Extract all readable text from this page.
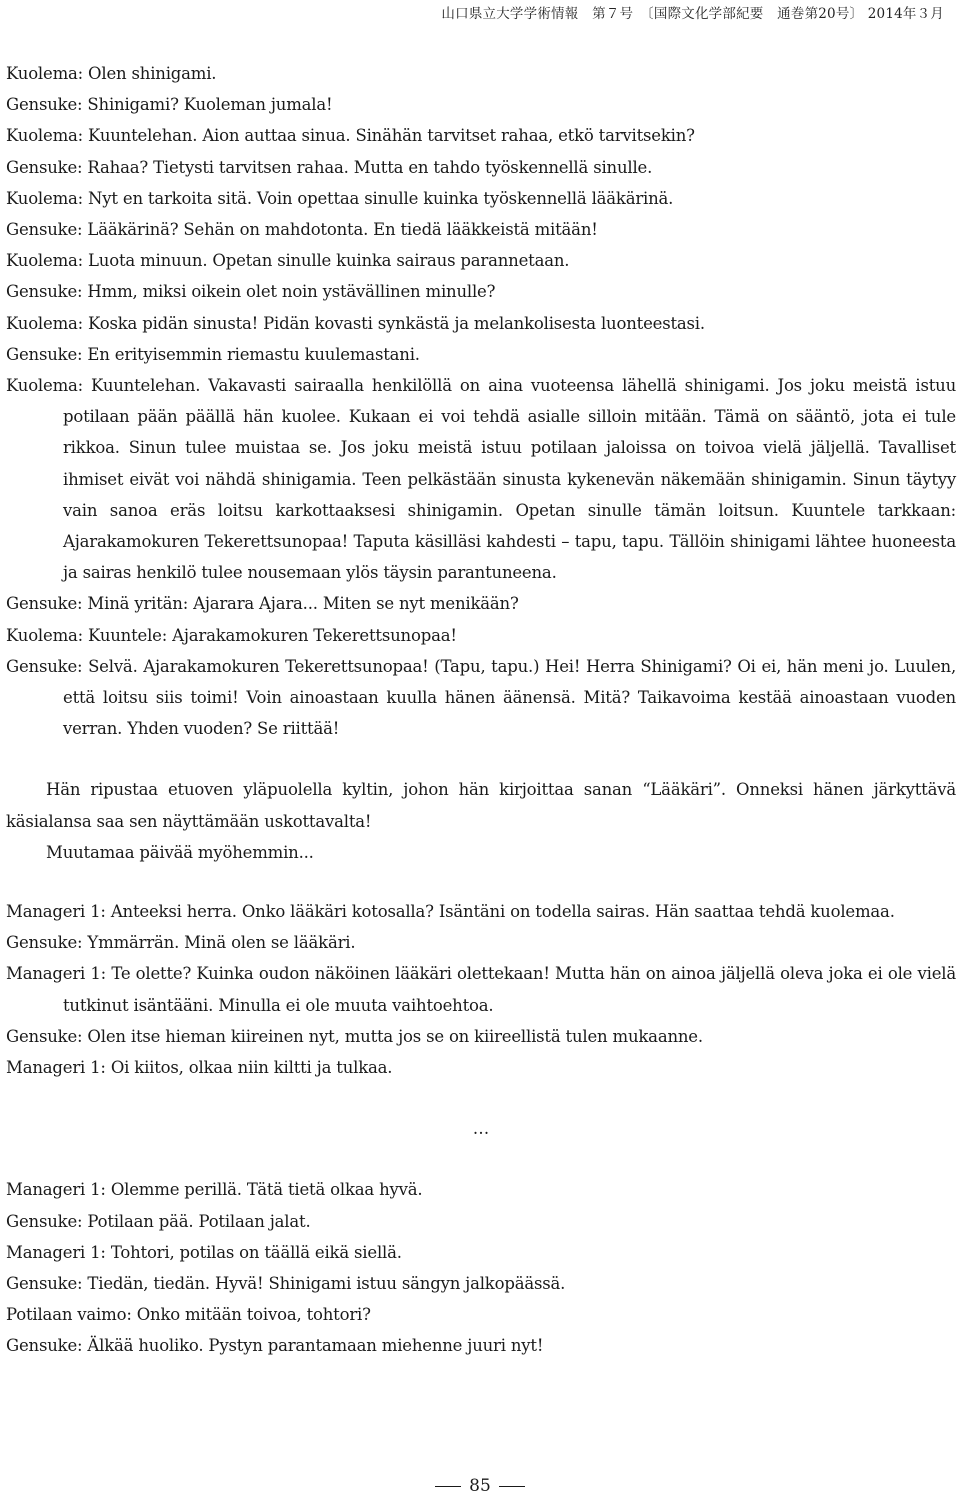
山口県立大学学術情報　第７号　〔国際文化学部紀要　通巻第20号〕 2014年３月
Kuolema: Olen shinigami.
Gensuke: Shinigami? Kuoleman jumala!
Kuolema: Kuuntelehan. Aion auttaa sinua. Sinähän tarvitset rahaa, etkö tarvitsekin?
Gensuke: Rahaa? Tietysti tarvitsen rahaa. Mutta en tahdo työskennellä sinulle.
Kuolema: Nyt en tarkoita sitä. Voin opettaa sinulle kuinka työskennellä lääkärinä.
Gensuke: Lääkärinä? Sehän on mahdotonta. En tiedä lääkkeistä mitään!
Kuolema: Luota minuun. Opetan sinulle kuinka sairaus parannetaan.
Gensuke: Hmm, miksi oikein olet noin ystävällinen minulle?
Kuolema: Koska pidän sinusta! Pidän kovasti synkästä ja melankolisesta luonteestasi.
Gensuke: En erityisemmin riemastu kuulemastani.
Kuolema: Kuuntelehan. Vakavasti sairaalla henkilöllä on aina vuoteensa lähellä shinigami. Jos joku meistä istuu potilaan pään päällä hän kuolee. Kukaan ei voi tehdä asialle silloin mitään. Tämä on sääntö, jota ei tule rikkoa. Sinun tulee muistaa se. Jos joku meistä istuu potilaan jaloissa on toivoa vielä jäljellä. Tavalliset ihmiset eivät voi nähdä shinigamia. Teen pelkästään sinusta kykenevän näkemään shinigamin. Sinun täytyy vain sanoa eräs loitsu karkottaaksesi shinigamin. Opetan sinulle tämän loitsun. Kuuntele tarkkaan: Ajarakamokuren Tekerettsunopaa! Taputa käsilläsi kahdesti – tapu, tapu. Tällöin shinigami lähtee huoneesta ja sairas henkilö tulee nousemaan ylös täysin parantuneena.
Gensuke: Minä yritän: Ajarara Ajara... Miten se nyt menikään?
Kuolema: Kuuntele: Ajarakamokuren Tekerettsunopaa!
Gensuke: Selvä. Ajarakamokuren Tekerettsunopaa! (Tapu, tapu.) Hei! Herra Shinigami? Oi ei, hän meni jo. Luulen, että loitsu siis toimi! Voin ainoastaan kuulla hänen äänensä. Mitä? Taikavoima kestää ainoastaan vuoden verran. Yhden vuoden? Se riittää!
Hän ripustaa etuoven yläpuolella kyltin, johon hän kirjoittaa sanan “Lääkäri”. Onneksi hänen järkyttävä käsialansa saa sen näyttämään uskottavalta!
Muutamaa päivää myöhemmin...
Manageri 1: Anteeksi herra. Onko lääkäri kotosalla? Isäntäni on todella sairas. Hän saattaa tehdä kuolemaa.
Gensuke: Ymmärrän. Minä olen se lääkäri.
Manageri 1: Te olette? Kuinka oudon näköinen lääkäri olettekaan! Mutta hän on ainoa jäljellä oleva joka ei ole vielä tutkinut isäntääni. Minulla ei ole muuta vaihtoehtoa.
Gensuke: Olen itse hieman kiireinen nyt, mutta jos se on kiireellistä tulen mukaanne.
Manageri 1: Oi kiitos, olkaa niin kiltti ja tulkaa.
…
Manageri 1: Olemme perillä. Tätä tietä olkaa hyvä.
Gensuke: Potilaan pää. Potilaan jalat.
Manageri 1: Tohtori, potilas on täällä eikä siellä.
Gensuke: Tiedän, tiedän. Hyvä! Shinigami istuu sängyn jalkopäässä.
Potilaan vaimo: Onko mitään toivoa, tohtori?
Gensuke: Älkää huoliko. Pystyn parantamaan miehenne juuri nyt!
85
